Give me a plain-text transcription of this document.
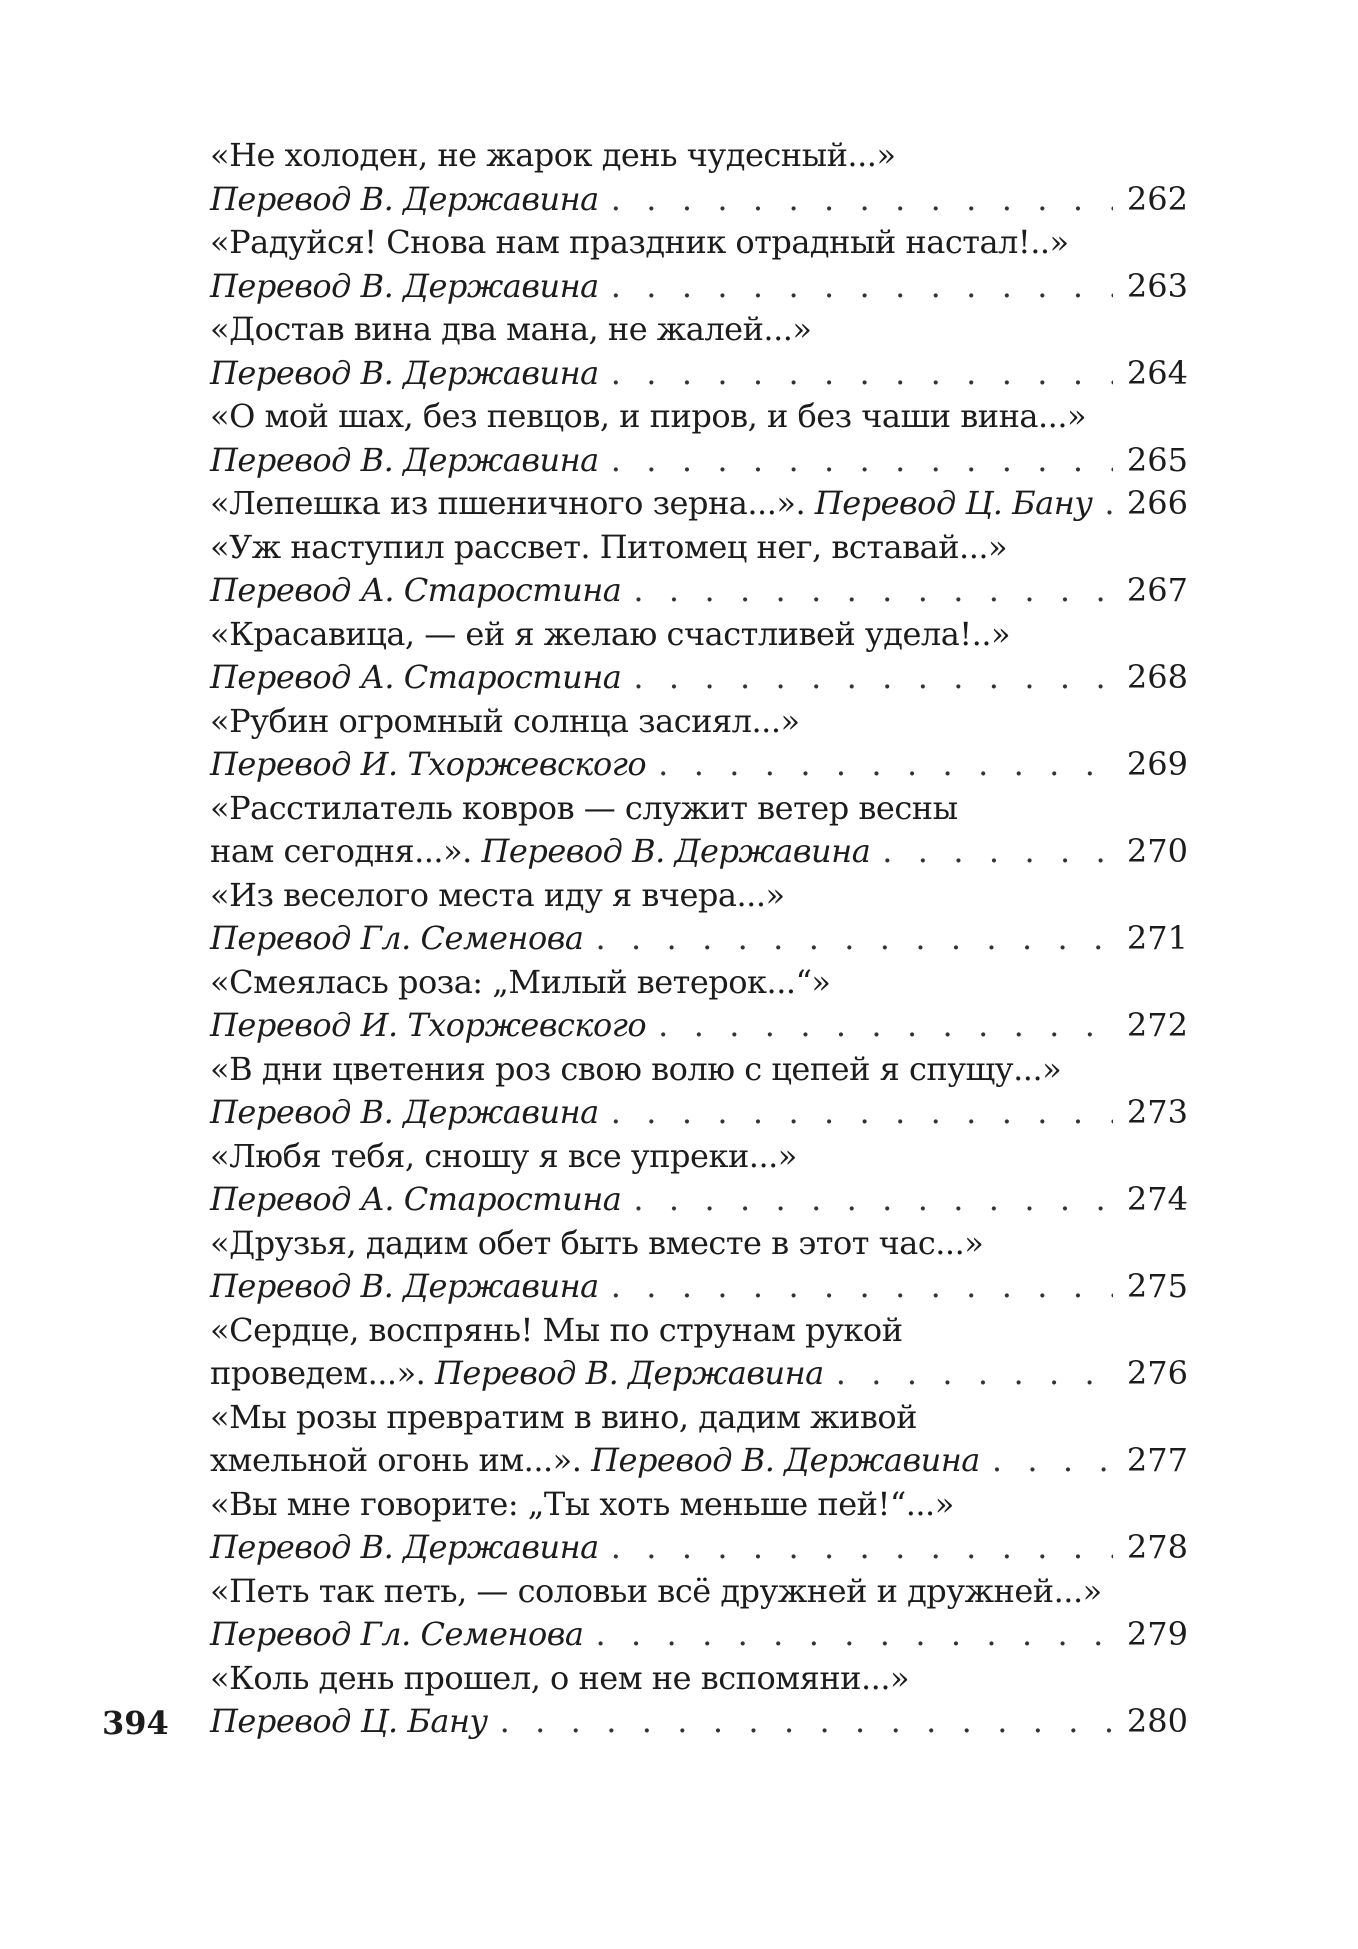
«Не холоден, не жарок день чудесный...»
Перевод В. Державина . . .	262
«Радуйся! Снова нам праздник отрадный настал!..»
Перевод В. Державина . . .	263
«Достав вина два мана, не жалей...»
Перевод В. Державина . . .	264
«О мой шах, без певцов, и пиров, и без чаши вина...»
Перевод В. Державина . . .	265
«Лепешка из пшеничного зерна...». Перевод Ц. Бану . . . 266
«Уж наступил рассвет. Питомец нег, вставай...»
Перевод А. Старостина . . .	267
«Красавица, — ей я желаю счастливей удела!..»
Перевод А. Старостина . . .	268
«Рубин огромный солнца засиял...»
Перевод И. Тхоржевского . . .	269
«Расстилатель ковров — служит ветер весны
нам сегодня...». Перевод В. Державина . . .	270
«Из веселого места иду я вчера...»
Перевод Гл. Семенова . . .	271
«Смеялась роза: „Милый ветерок...“»
Перевод И. Тхоржевского . . .	272
«В дни цветения роз свою волю с цепей я спущу...»
Перевод В. Державина . . .	273
«Любя тебя, сношу я все упреки...»
Перевод А. Старостина . . .	274
«Друзья, дадим обет быть вместе в этот час...»
Перевод В. Державина . . .	275
«Сердце, воспрянь! Мы по струнам рукой
проведем...». Перевод В. Державина . . .	276
«Мы розы превратим в вино, дадим живой
хмельной огонь им...». Перевод В. Державина . . .	277
«Вы мне говорите: „Ты хоть меньше пей!“...»
Перевод В. Державина . . .	278
«Петь так петь, — соловьи всё дружней и дружней...»
Перевод Гл. Семенова . . .	279
«Коль день прошел, о нем не вспомяни...»
Перевод Ц. Бану . . .	280
394
